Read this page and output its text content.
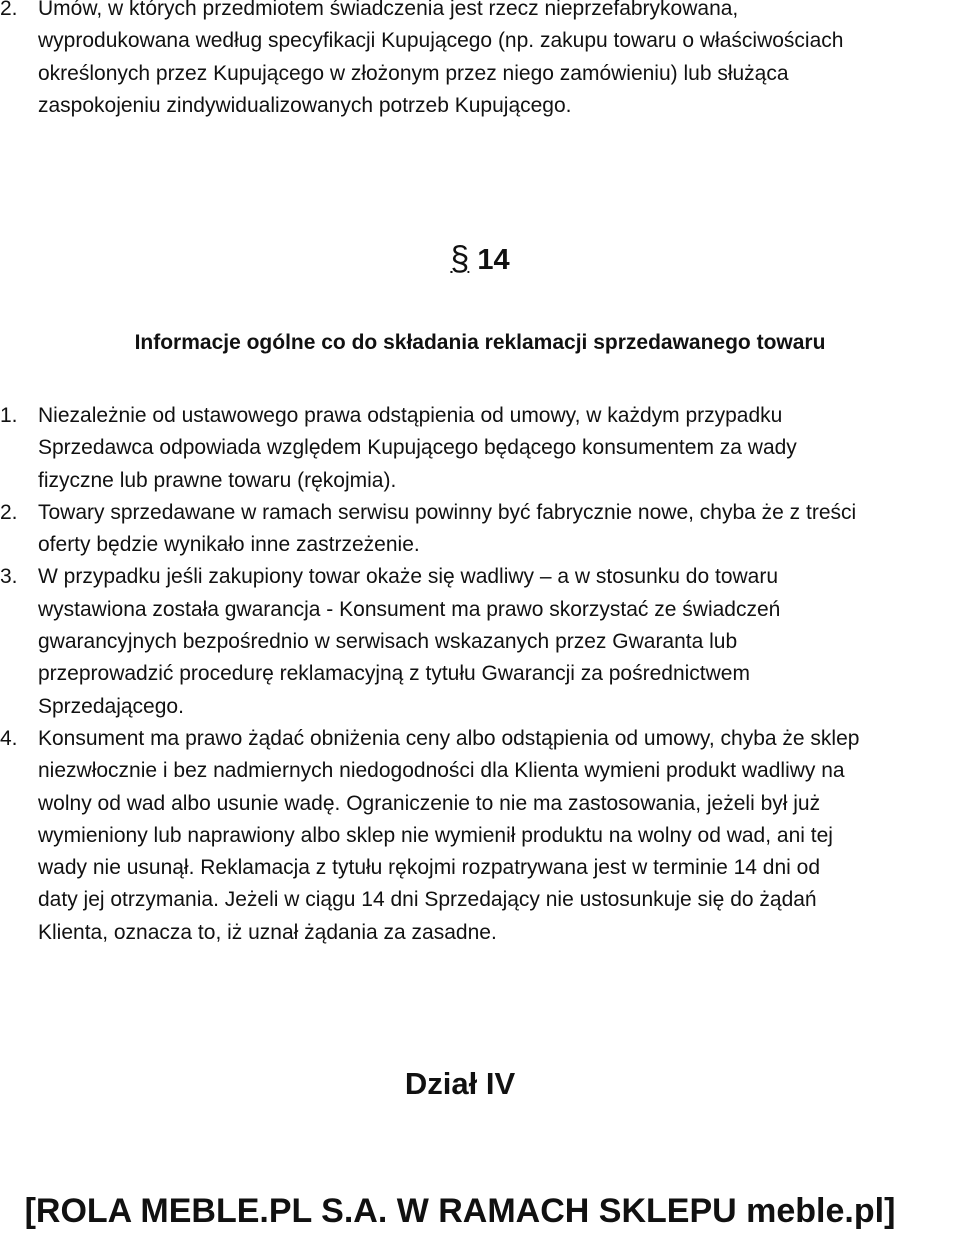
2. Umów, w których przedmiotem świadczenia jest rzecz nieprzefabrykowana,
wyprodukowana według specyfikacji Kupującego (np. zakupu towaru o właściwościach
określonych przez Kupującego w złożonym przez niego zamówieniu) lub służąca
zaspokojeniu zindywidualizowanych potrzeb Kupującego.
§ 14
Informacje ogólne co do składania reklamacji sprzedawanego towaru
1. Niezależnie od ustawowego prawa odstąpienia od umowy, w każdym przypadku
Sprzedawca odpowiada względem Kupującego będącego konsumentem za wady
fizyczne lub prawne towaru (rękojmia).
2. Towary sprzedawane w ramach serwisu powinny być fabrycznie nowe, chyba że z treści
oferty będzie wynikało inne zastrzeżenie.
3. W przypadku jeśli zakupiony towar okaże się wadliwy – a w stosunku do towaru
wystawiona została gwarancja - Konsument ma prawo skorzystać ze świadczeń
gwarancyjnych bezpośrednio w serwisach wskazanych przez Gwaranta lub
przeprowadzić procedurę reklamacyjną z tytułu Gwarancji za pośrednictwem
Sprzedającego.
4. Konsument ma prawo żądać obniżenia ceny albo odstąpienia od umowy, chyba że sklep
niezwłocznie i bez nadmiernych niedogodności dla Klienta wymieni produkt wadliwy na
wolny od wad albo usunie wadę. Ograniczenie to nie ma zastosowania, jeżeli był już
wymieniony lub naprawiony albo sklep nie wymienił produktu na wolny od wad, ani tej
wady nie usunął. Reklamacja z tytułu rękojmi rozpatrywana jest w terminie 14 dni od
daty jej otrzymania. Jeżeli w ciągu 14 dni Sprzedający nie ustosunkuje się do żądań
Klienta, oznacza to, iż uznał żądania za zasadne.
Dział IV
[ROLA MEBLE.PL S.A. W RAMACH SKLEPU meble.pl]
